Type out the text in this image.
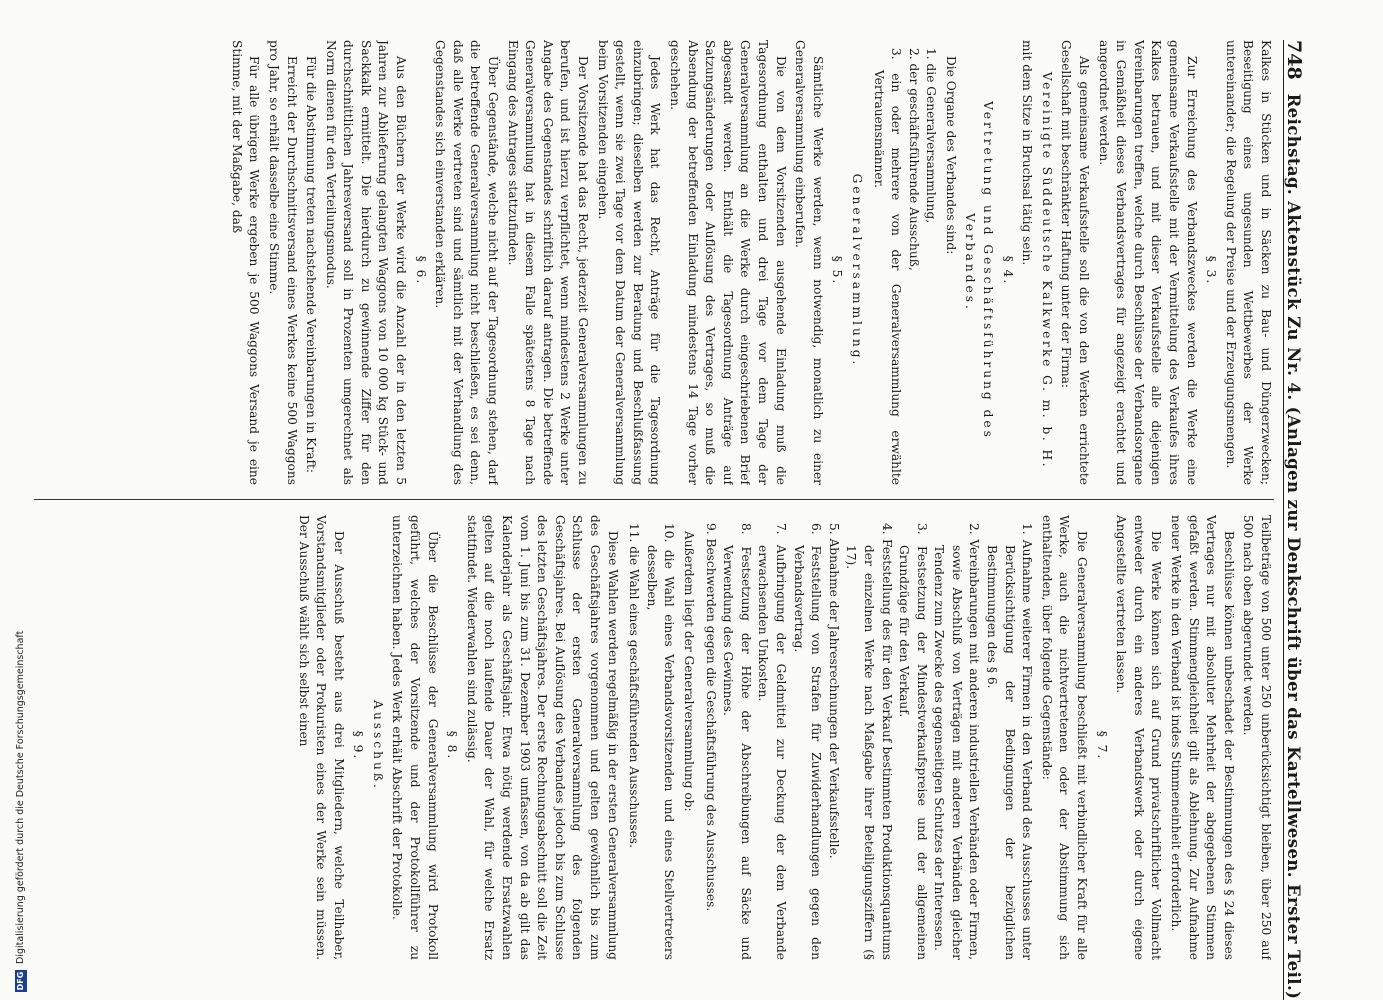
748
Reichstag. Aktenstück Zu Nr. 4. (Anlagen zur Denkschrift über das Kartellwesen. Erster Teil.)

Kalkes in Stücken und in Säcken zu Bau- und Düngerzwecken; Beseitigung eines ungesunden Wettbewerbes der Werke untereinander; die Regelung der Preise und der Erzeugungsmengen.

§ 3.

Zur Erreichung des Verbandszweckes werden die Werke eine gemeinsame Verkaufsstelle mit der Vermittelung des Verkaufes ihres Kalkes betrauen, und mit dieser Verkaufsstelle alle diejenigen Vereinbarungen treffen, welche durch Beschlüsse der Verbandsorgane in Gemäßheit dieses Verbandsvertrages für angezeigt erachtet und angeordnet werden.

Als gemeinsame Verkaufsstelle soll die von den Werken errichtete Gesellschaft mit beschränkter Haftung unter der Firma:

Vereinigte Süddeutsche Kalkwerke G. m. b. H.

mit dem Sitze in Bruchsal tätig sein.

§ 4.

Vertretung und Geschäftsführung des Verbandes.

Die Organe des Verbandes sind:

1. die Generalversammlung,
2. der geschäftsführende Ausschuß,
3. ein oder mehrere von der Generalversammlung erwählte Vertrauensmänner.

Generalversammlung.

§ 5.

Sämtliche Werke werden, wenn notwendig, monatlich zu einer Generalversammlung einberufen.

Die von dem Vorsitzenden ausgehende Einladung muß die Tagesordnung enthalten und drei Tage vor dem Tage der Generalversammlung an die Werke durch eingeschriebenen Brief abgesandt werden. Enthält die Tagesordnung Anträge auf Satzungsänderungen oder Auflösung des Vertrages, so muß die Absendung der betreffenden Einladung mindestens 14 Tage vorher geschehen.

Jedes Werk hat das Recht, Anträge für die Tagesordnung einzubringen; dieselben werden zur Beratung und Beschlußfassung gestellt, wenn sie zwei Tage vor dem Datum der Generalversammlung beim Vorsitzenden eingehen.

Der Vorsitzende hat das Recht, jederzeit Generalversammlungen zu berufen, und ist hierzu verpflichtet, wenn mindestens 2 Werke unter Angabe des Gegenstandes schriftlich darauf antragen. Die betreffende Generalversammlung hat in diesem Falle spätestens 8 Tage nach Eingang des Antrages stattzufinden.

Über Gegenstände, welche nicht auf der Tagesordnung stehen, darf die betreffende Generalversammlung nicht beschließen, es sei denn, daß alle Werke vertreten sind und sämtlich mit der Verhandlung des Gegenstandes sich einverstanden erklären.

§ 6.

Aus den Büchern der Werke wird die Anzahl der in den letzten 5 Jahren zur Ablieferung gelangten Waggons von 10 000 kg Stück- und Sackkalk ermittelt. Die hierdurch zu gewinnende Ziffer für den durchschnittlichen Jahresversand soll in Prozenten umgerechnet als Norm dienen für den Verteilungsmodus.

Für die Abstimmung treten nachstehende Vereinbarungen in Kraft:

Erreicht der Durchschnittsversand eines Werkes keine 500 Waggons pro Jahr, so erhält dasselbe eine Stimme.

Für alle übrigen Werke ergeben je 500 Waggons Versand je eine Stimme, mit der Maßgabe, daß

Teilbeträge von 500 unter 250 unberücksichtigt bleiben, über 250 auf 500 nach oben abgerundet werden.

Beschlüsse können unbeschadet der Bestimmungen des § 24 dieses Vertrages nur mit absoluter Mehrheit der abgegebenen Stimmen gefaßt werden. Stimmengleichheit gilt als Ablehnung. Zur Aufnahme neuer Werke in den Verband ist indes Stimmeneinheit erforderlich.

Die Werke können sich auf Grund privatschriftlicher Vollmacht entweder durch ein anderes Verbandswerk oder durch eigene Angestellte vertreten lassen.

§ 7.

Die Generalversammlung beschließt mit verbindlicher Kraft für alle Werke, auch die nichtvertretenen oder der Abstimmung sich enthaltenden, über folgende Gegenstände:

1. Aufnahme weiterer Firmen in den Verband des Ausschusses unter Berücksichtigung der Bedingungen der bezüglichen Bestimmungen des § 6.
2. Vereinbarungen mit anderen industriellen Verbänden oder Firmen, sowie Abschluß von Verträgen mit anderen Verbänden gleicher Tendenz zum Zwecke des gegenseitigen Schutzes der Interessen.
3. Festsetzung der Mindestverkaufspreise und der allgemeinen Grundzüge für den Verkauf.
4. Feststellung des für den Verkauf bestimmten Produktionsquantums der einzelnen Werke nach Maßgabe ihrer Beteiligungsziffern (§ 17).
5. Abnahme der Jahresrechnungen der Verkaufsstelle.
6. Feststellung von Strafen für Zuwiderhandlungen gegen den Verbandsvertrag.
7. Aufbringung der Geldmittel zur Deckung der dem Verbande erwachsenden Unkosten.
8. Festsetzung der Höhe der Abschreibungen auf Säcke und Verwendung des Gewinnes.
9. Beschwerden gegen die Geschäftsführung des Ausschusses.

Außerdem liegt der Generalversammlung ob:

10. die Wahl eines Verbandsvorsitzenden und eines Stellvertreters desselben,
11. die Wahl eines geschäftsführenden Ausschusses.

Diese Wahlen werden regelmäßig in der ersten Generalversammlung des Geschäftsjahres vorgenommen und gelten gewöhnlich bis zum Schlusse der ersten Generalversammlung des folgenden Geschäftsjahres. Bei Auflösung des Verbandes jedoch bis zum Schlusse des letzten Geschäftsjahres. Der erste Rechnungsabschnitt soll die Zeit vom 1. Juni bis zum 31. Dezember 1903 umfassen, von da ab gilt das Kalenderjahr als Geschäftsjahr. Etwa nötig werdende Ersatzwahlen gelten auf die noch laufende Dauer der Wahl, für welche Ersatz stattfindet. Wiederwahlen sind zulässig.

§ 8.

Über die Beschlüsse der Generalversammlung wird Protokoll geführt, welches der Vorsitzende und der Protokollführer zu unterzeichnen haben. Jedes Werk erhält Abschrift der Protokolle.

Ausschuß.

§ 9.

Der Ausschuß besteht aus drei Mitgliedern, welche Teilhaber, Vorstandsmitglieder oder Prokuristen eines der Werke sein müssen. Der Ausschuß wählt sich selbst einen

DFG
Digitalisierung gefördert durch die Deutsche Forschungsgemeinschaft
